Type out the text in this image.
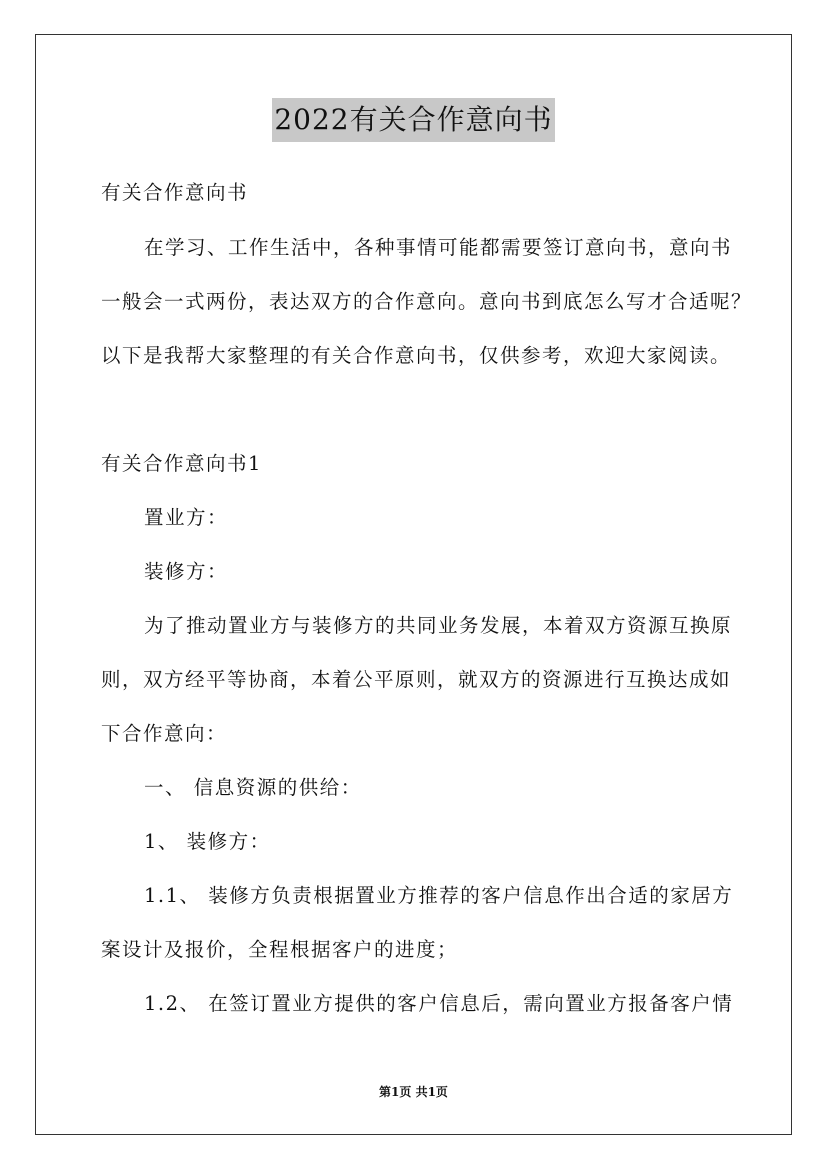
2022有关合作意向书
有关合作意向书
在学习、工作生活中，各种事情可能都需要签订意向书，意向书
一般会一式两份，表达双方的合作意向。意向书到底怎么写才合适呢？
以下是我帮大家整理的有关合作意向书，仅供参考，欢迎大家阅读。
有关合作意向书1
置业方：
装修方：
为了推动置业方与装修方的共同业务发展，本着双方资源互换原
则，双方经平等协商，本着公平原则，就双方的资源进行互换达成如
下合作意向：
一、 信息资源的供给：
1、 装修方：
1.1、 装修方负责根据置业方推荐的客户信息作出合适的家居方
案设计及报价，全程根据客户的进度；
1.2、 在签订置业方提供的客户信息后，需向置业方报备客户情
第1页 共1页
